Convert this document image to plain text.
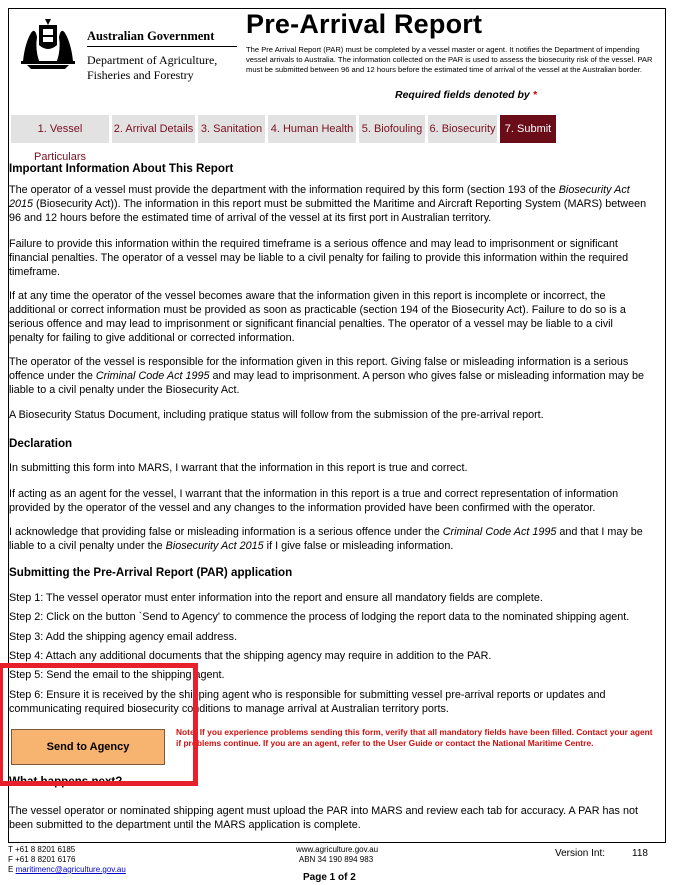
Australian Government
Department of Agriculture, Fisheries and Forestry
Pre-Arrival Report
The Pre Arrival Report (PAR) must be completed by a vessel master or agent. It notifies the Department of impending vessel arrivals to Australia. The information collected on the PAR is used to assess the biosecurity risk of the vessel. PAR must be submitted between 96 and 12 hours before the estimated time of arrival of the vessel at the Australian border.
Required fields denoted by *
1. Vessel Particulars
2. Arrival Details 3. Sanitation 4. Human Health 5. Biofouling 6. Biosecurity 7. Submit
Important Information About This Report
The operator of a vessel must provide the department with the information required by this form (section 193 of the Biosecurity Act 2015 (Biosecurity Act)). The information in this report must be submitted the Maritime and Aircraft Reporting System (MARS) between 96 and 12 hours before the estimated time of arrival of the vessel at its first port in Australian territory.
Failure to provide this information within the required timeframe is a serious offence and may lead to imprisonment or significant financial penalties. The operator of a vessel may be liable to a civil penalty for failing to provide this information within the required timeframe.
If at any time the operator of the vessel becomes aware that the information given in this report is incomplete or incorrect, the additional or correct information must be provided as soon as practicable (section 194 of the Biosecurity Act). Failure to do so is a serious offence and may lead to imprisonment or significant financial penalties. The operator of a vessel may be liable to a civil penalty for failing to give additional or corrected information.
The operator of the vessel is responsible for the information given in this report. Giving false or misleading information is a serious offence under the Criminal Code Act 1995 and may lead to imprisonment. A person who gives false or misleading information may be liable to a civil penalty under the Biosecurity Act.
A Biosecurity Status Document, including pratique status will follow from the submission of the pre-arrival report.
Declaration
In submitting this form into MARS, I warrant that the information in this report is true and correct.
If acting as an agent for the vessel, I warrant that the information in this report is a true and correct representation of information provided by the operator of the vessel and any changes to the information provided have been confirmed with the operator.
I acknowledge that providing false or misleading information is a serious offence under the Criminal Code Act 1995 and that I may be liable to a civil penalty under the Biosecurity Act 2015 if I give false or misleading information.
Submitting the Pre-Arrival Report (PAR) application
Step 1: The vessel operator must enter information into the report and ensure all mandatory fields are complete.
Step 2: Click on the button `Send to Agency' to commence the process of lodging the report data to the nominated shipping agent.
Step 3: Add the shipping agency email address.
Step 4: Attach any additional documents that the shipping agency may require in addition to the PAR.
Step 5: Send the email to the shipping agent.
Step 6: Ensure it is received by the shipping agent who is responsible for submitting vessel pre-arrival reports or updates and communicating required biosecurity conditions to manage arrival at Australian territory ports.
What happens next?
The vessel operator or nominated shipping agent must upload the PAR into MARS and review each tab for accuracy. A PAR has not been submitted to the department until the MARS application is complete.
Send to Agency
Note: If you experience problems sending this form, verify that all mandatory fields have been filled. Contact your agent if problems continue. If you are an agent, refer to the User Guide or contact the National Maritime Centre.
T +61 8 8201 6185
F +61 8 8201 6176
E maritimenc@agriculture.gov.au
www.agriculture.gov.au
ABN 34 190 894 983
Version Int:	118
Page 1 of 2
